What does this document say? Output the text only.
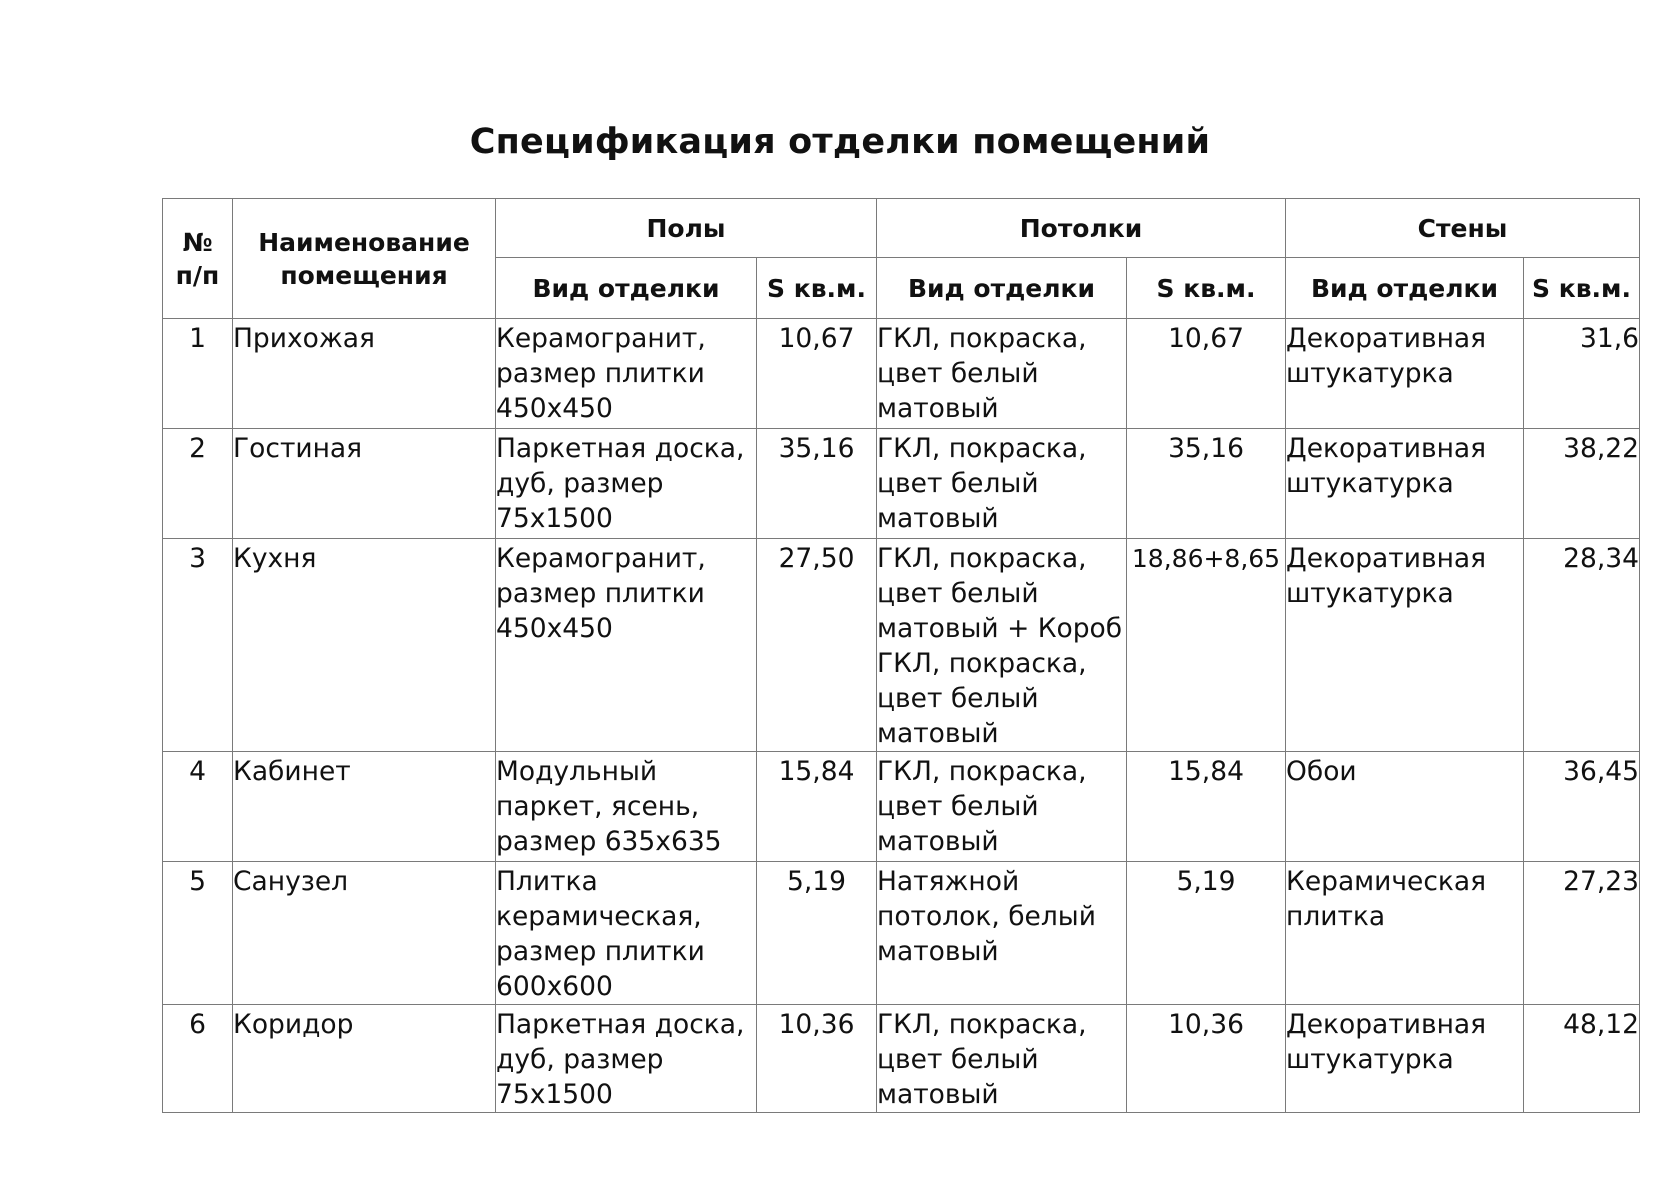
Спецификация отделки помещений
№ п/п	Наименование помещения	Полы		Потолки		Стены	
		Вид отделки	S кв.м.	Вид отделки	S кв.м.	Вид отделки	S кв.м.
1	Прихожая	Керамогранит, размер плитки 450х450	10,67	ГКЛ, покраска, цвет белый матовый	10,67	Декоративная штукатурка	31,6
2	Гостиная	Паркетная доска, дуб, размер 75х1500	35,16	ГКЛ, покраска, цвет белый матовый	35,16	Декоративная штукатурка	38,22
3	Кухня	Керамогранит, размер плитки 450х450	27,50	ГКЛ, покраска, цвет белый матовый + Короб ГКЛ, покраска, цвет белый матовый	18,86+8,65	Декоративная штукатурка	28,34
4	Кабинет	Модульный паркет, ясень, размер 635х635	15,84	ГКЛ, покраска, цвет белый матовый	15,84	Обои	36,45
5	Санузел	Плитка керамическая, размер плитки 600х600	5,19	Натяжной потолок, белый матовый	5,19	Керамическая плитка	27,23
6	Коридор	Паркетная доска, дуб, размер 75х1500	10,36	ГКЛ, покраска, цвет белый матовый	10,36	Декоративная штукатурка	48,12
